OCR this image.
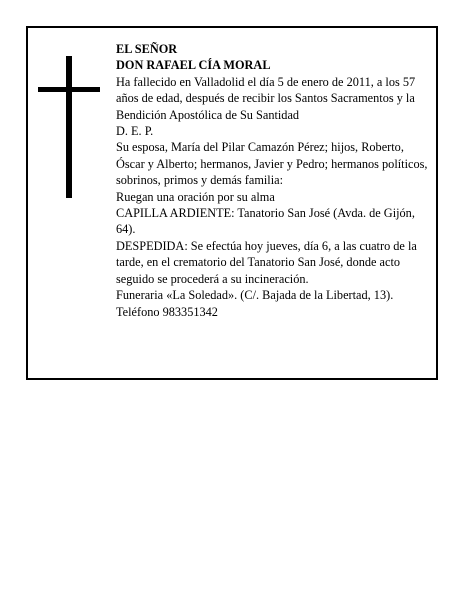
EL SEÑOR

DON RAFAEL CÍA MORAL

Ha fallecido en Valladolid el día 5 de enero de 2011, a los 57 años de edad, después de recibir los Santos Sacramentos y la Bendición Apostólica de Su Santidad

D. E. P.

Su esposa, María del Pilar Camazón Pérez; hijos, Roberto, Óscar y Alberto; hermanos, Javier y Pedro; hermanos políticos, sobrinos, primos y demás familia:

Ruegan una oración por su alma

CAPILLA ARDIENTE: Tanatorio San José (Avda. de Gijón, 64).

DESPEDIDA: Se efectúa hoy jueves, día 6, a las cuatro de la tarde, en el crematorio del Tanatorio San José, donde acto seguido se procederá a su incineración.

Funeraria «La Soledad». (C/. Bajada de la Libertad, 13).

Teléfono 983351342
